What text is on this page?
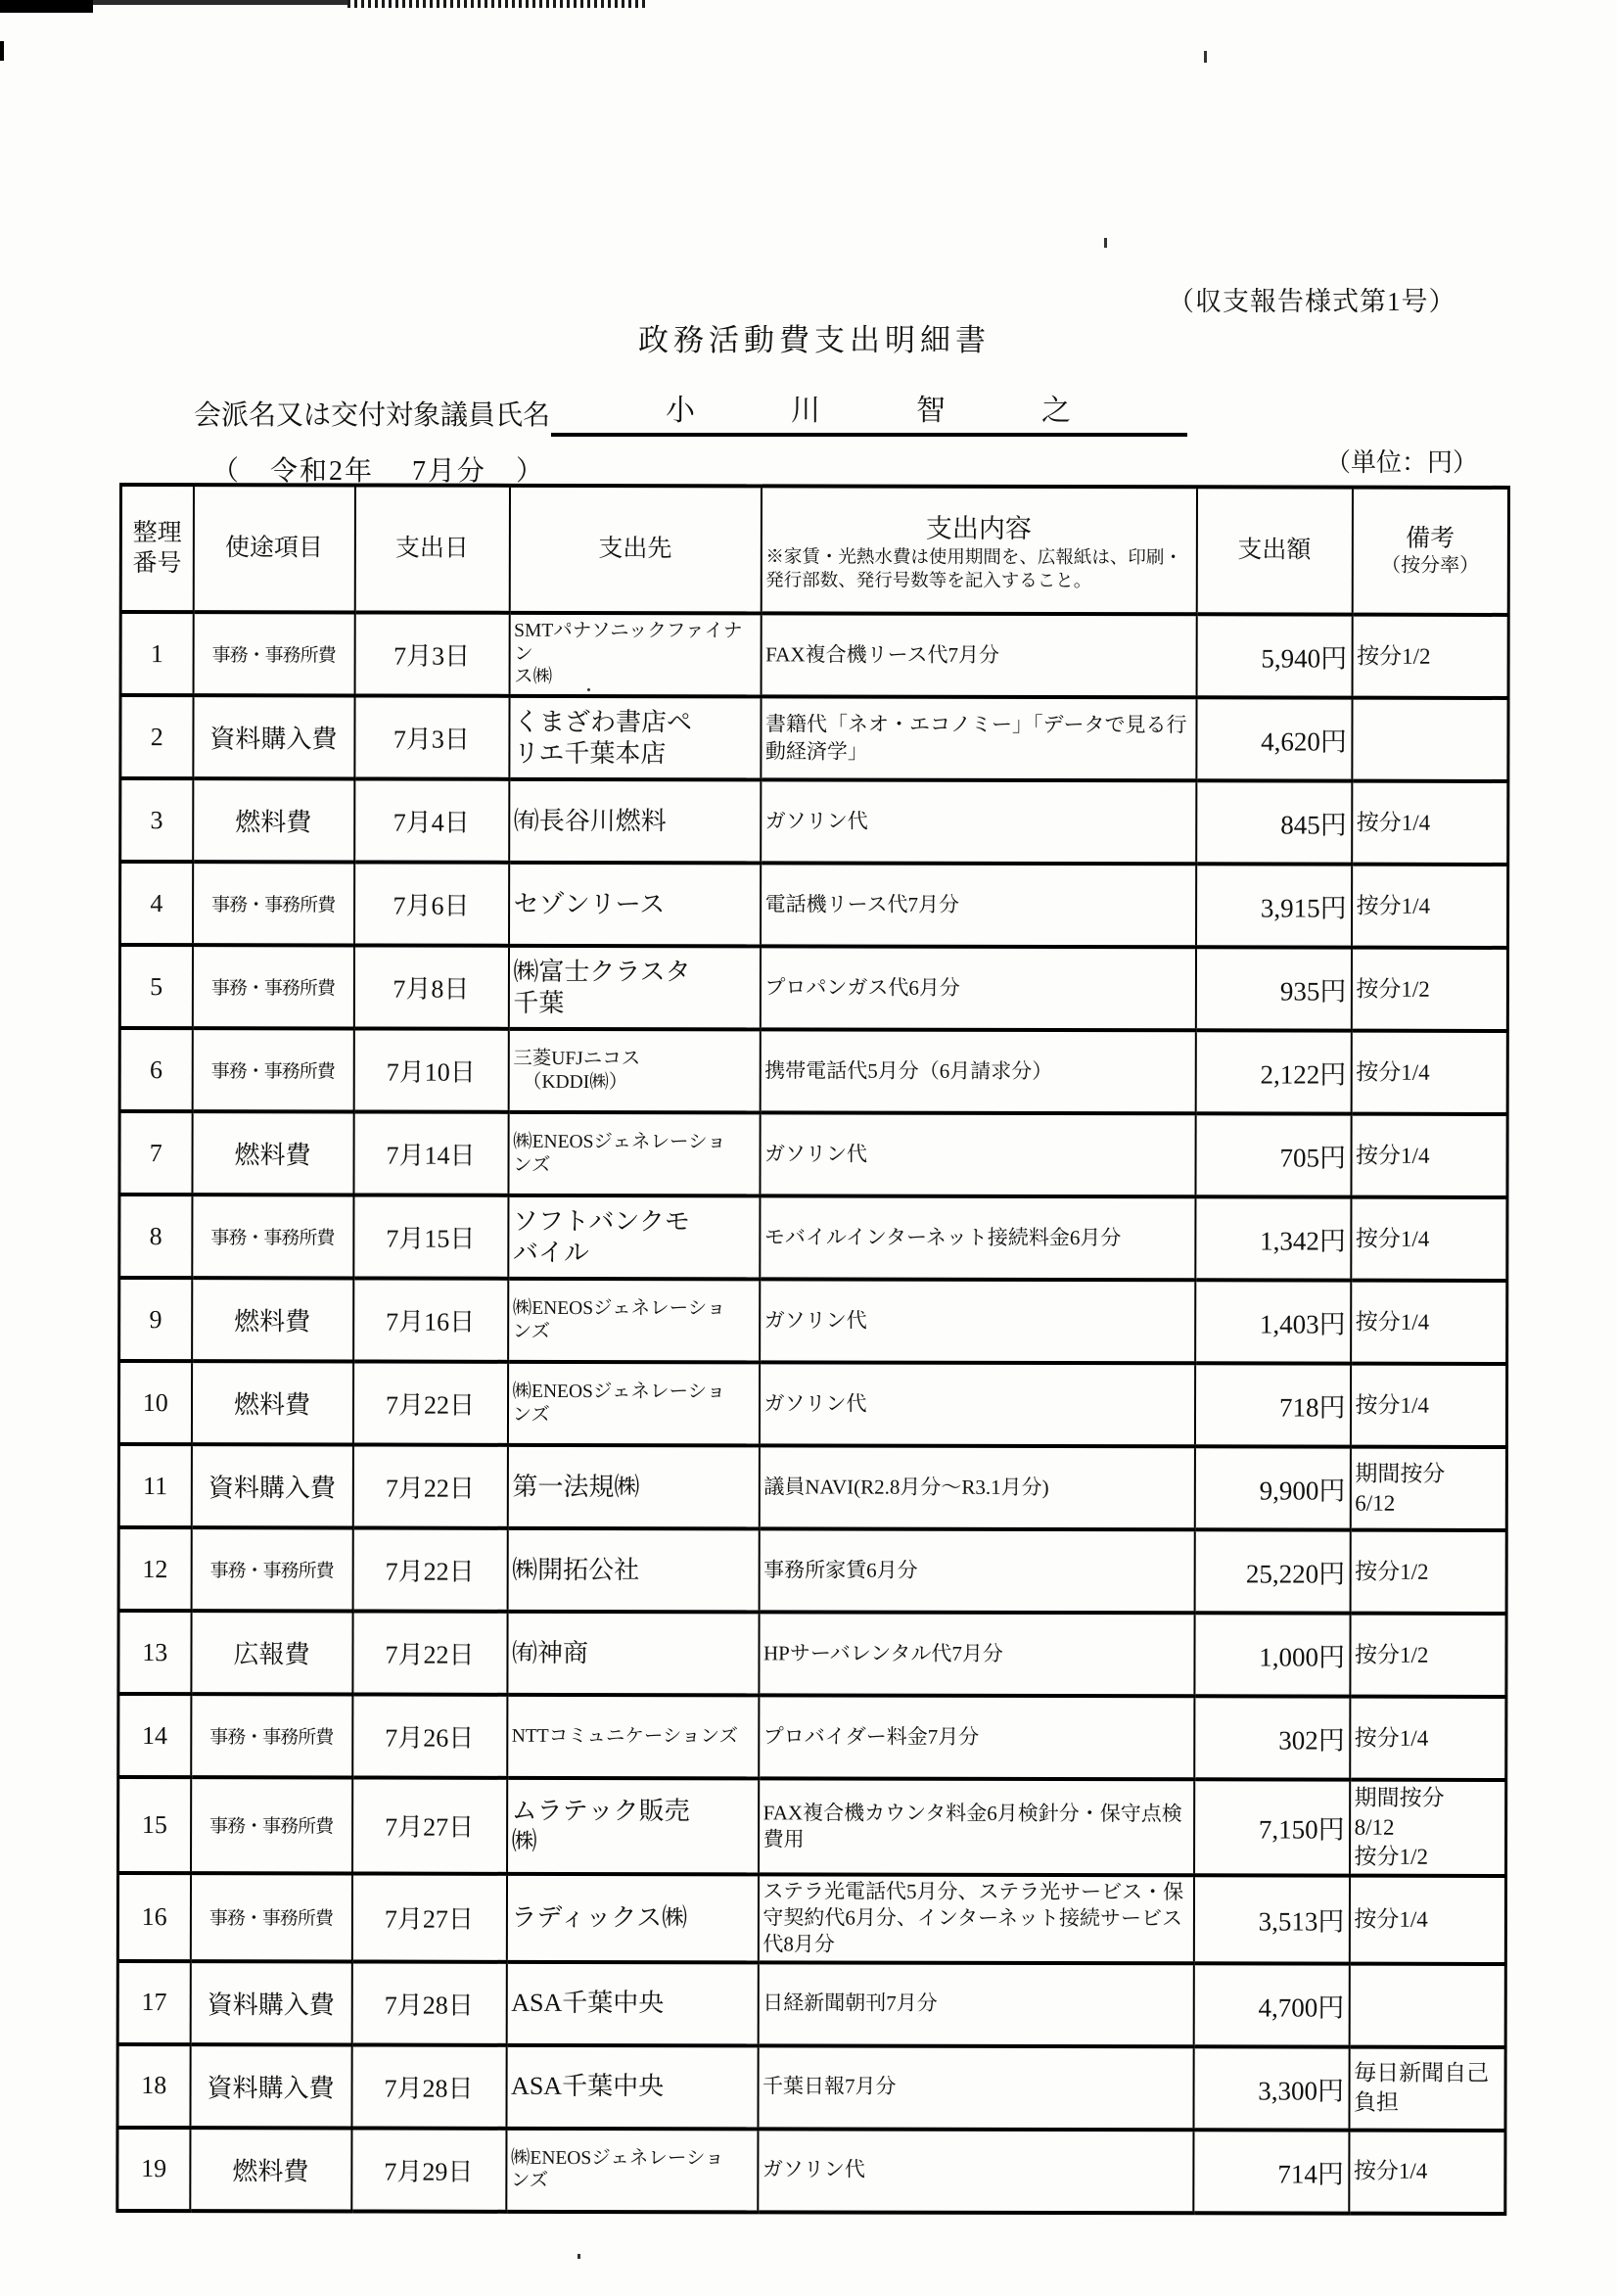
（収支報告様式第1号）
政務活動費支出明細書
会派名又は交付対象議員氏名	小　　　川　　　智　　　之
（　令和2年　 7月分　）	（単位：円）
整理番号	使途項目	支出日	支出先	
支出内容
※家賃・光熱水費は使用期間を、広報紙は、印刷・発行部数、発行号数等を記入すること。
	支出額	備考
（按分率）

1	事務・事務所費	7月3日	SMTパナソニックファイナン
ス㈱	FAX複合機リース代7月分	5,940円	按分1/2
2	資料購入費	7月3日	くまざわ書店ペ
リエ千葉本店	書籍代「ネオ・エコノミー」「データで見る行動経済学」	4,620円	
3	燃料費	7月4日	㈲長谷川燃料	ガソリン代	845円	按分1/4
4	事務・事務所費	7月6日	セゾンリース	電話機リース代7月分	3,915円	按分1/4
5	事務・事務所費	7月8日	㈱富士クラスタ
千葉	プロパンガス代6月分	935円	按分1/2
6	事務・事務所費	7月10日	三菱UFJニコス
　（KDDI㈱）	携帯電話代5月分（6月請求分）	2,122円	按分1/4
7	燃料費	7月14日	㈱ENEOSジェネレーショ
ンズ	ガソリン代	705円	按分1/4
8	事務・事務所費	7月15日	ソフトバンクモ
バイル	モバイルインターネット接続料金6月分	1,342円	按分1/4
9	燃料費	7月16日	㈱ENEOSジェネレーショ
ンズ	ガソリン代	1,403円	按分1/4
10	燃料費	7月22日	㈱ENEOSジェネレーショ
ンズ	ガソリン代	718円	按分1/4
11	資料購入費	7月22日	第一法規㈱	議員NAVI(R2.8月分～R3.1月分)	9,900円	期間按分
6/12
12	事務・事務所費	7月22日	㈱開拓公社	事務所家賃6月分	25,220円	按分1/2
13	広報費	7月22日	㈲神商	HPサーバレンタル代7月分	1,000円	按分1/2
14	事務・事務所費	7月26日	NTTコミュニケーションズ	プロバイダー料金7月分	302円	按分1/4
15	事務・事務所費	7月27日	ムラテック販売
㈱	FAX複合機カウンタ料金6月検針分・保守点検費用	7,150円	期間按分
8/12
按分1/2
16	事務・事務所費	7月27日	ラディックス㈱	ステラ光電話代5月分、ステラ光サービス・保守契約代6月分、インターネット接続サービス代8月分	3,513円	按分1/4
17	資料購入費	7月28日	ASA千葉中央	日経新聞朝刊7月分	4,700円	
18	資料購入費	7月28日	ASA千葉中央	千葉日報7月分	3,300円	毎日新聞自己負担
19	燃料費	7月29日	㈱ENEOSジェネレーショ
ンズ	ガソリン代	714円	按分1/4
